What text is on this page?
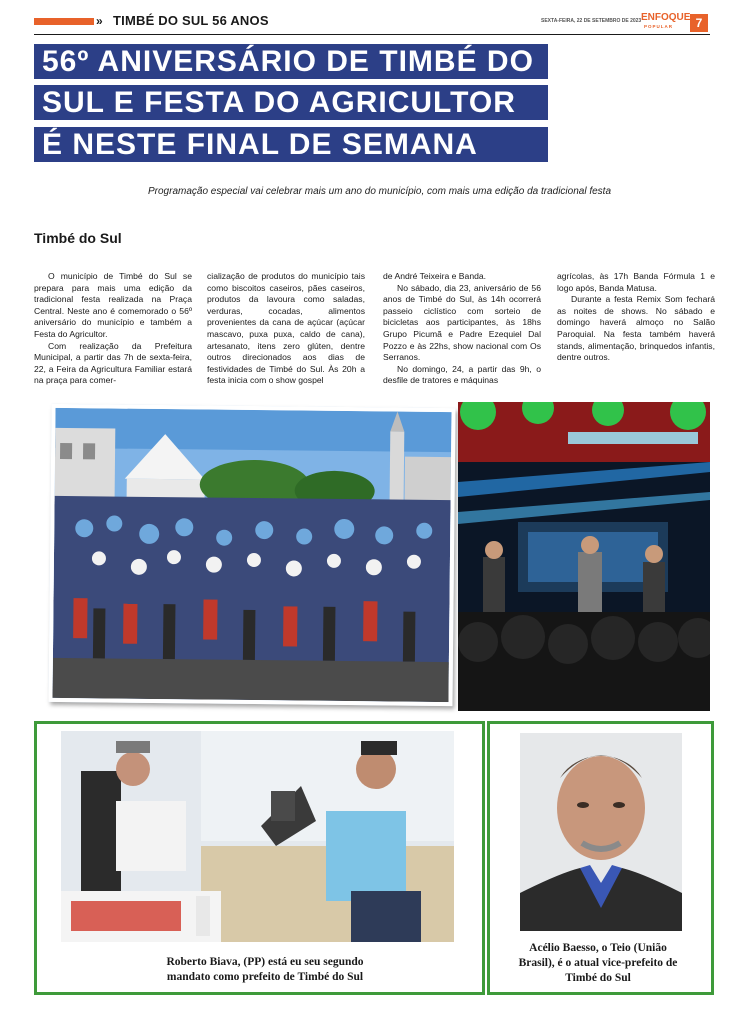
» TIMBÉ DO SUL 56 ANOS	SEXTA-FEIRA, 22 DE SETEMBRO DE 2023 ENFOQUE
POPULAR	7
56º ANIVERSÁRIO DE TIMBÉ DO
SUL E FESTA DO AGRICULTOR
É NESTE FINAL DE SEMANA
Programação especial vai celebrar mais um ano do município, com mais uma edição da tradicional festa
Timbé do Sul

O município de Timbé do Sul se prepara para mais uma edição da tradicional festa realizada na Praça Central. Neste ano é comemorado o 56º aniversário do município e também a Festa do Agricultor.

Com realização da Prefeitura Municipal, a partir das 7h de sexta-feira, 22, a Feira da Agricultura Familiar estará na praça para comer-

cialização de produtos do município tais como biscoitos caseiros, pães caseiros, produtos da lavoura como saladas, verduras, cocadas, alimentos provenientes da cana de açúcar (açúcar mascavo, puxa puxa, caldo de cana), artesanato, itens zero glúten, dentre outros direcionados aos dias de festividades de Timbé do Sul. Às 20h a festa inicia com o show gospel

de André Teixeira e Banda.

No sábado, dia 23, aniversário de 56 anos de Timbé do Sul, às 14h ocorrerá passeio ciclístico com sorteio de bicicletas aos participantes, às 18hs Grupo Picumã e Padre Ezequiel Dal Pozzo e às 22hs, show nacional com Os Serranos.

No domingo, 24, a partir das 9h, o desfile de tratores e máquinas

agrícolas, às 17h Banda Fórmula 1 e logo após, Banda Matusa.

Durante a festa Remix Som fechará as noites de shows. No sábado e domingo haverá almoço no Salão Paroquial. Na festa também haverá stands, alimentação, brinquedos infantis, dentre outros.

Roberto Biava, (PP) está eu seu segundo
mandato como prefeito de Timbé do Sul
Acélio Baesso, o Teio (União
Brasil), é o atual vice-prefeito de
Timbé do Sul
